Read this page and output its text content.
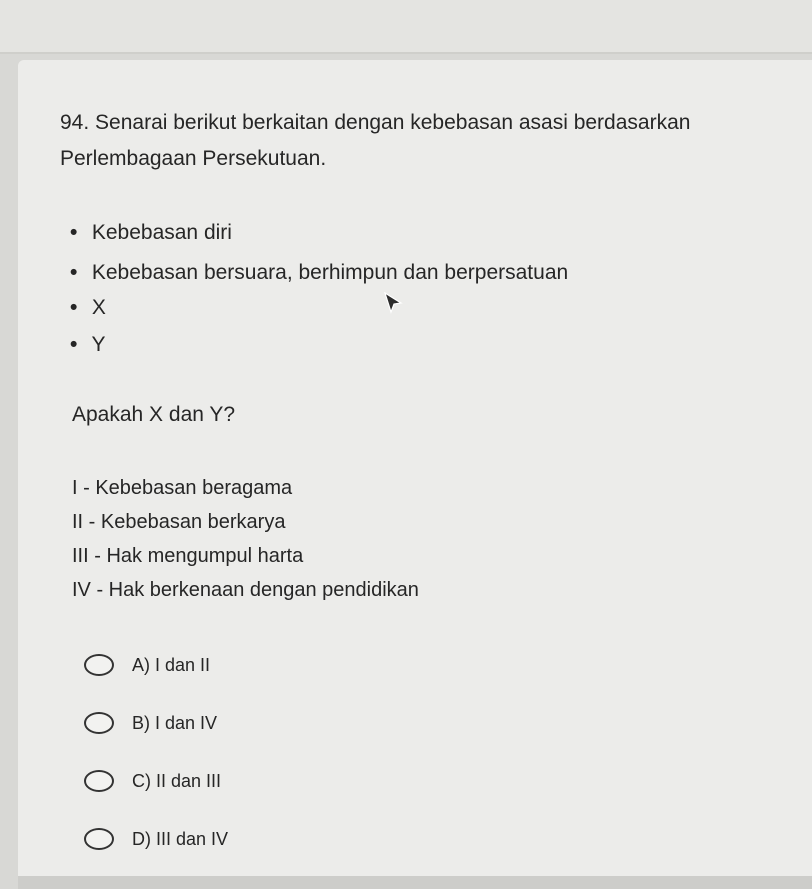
94. Senarai berikut berkaitan dengan kebebasan asasi berdasarkan
Perlembagaan Persekutuan.
• Kebebasan diri
• Kebebasan bersuara, berhimpun dan berpersatuan
• X
• Y
Apakah X dan Y?
I - Kebebasan beragama
II - Kebebasan berkarya
III - Hak mengumpul harta
IV - Hak berkenaan dengan pendidikan
A) I dan II
B) I dan IV
C) II dan III
D) III dan IV
